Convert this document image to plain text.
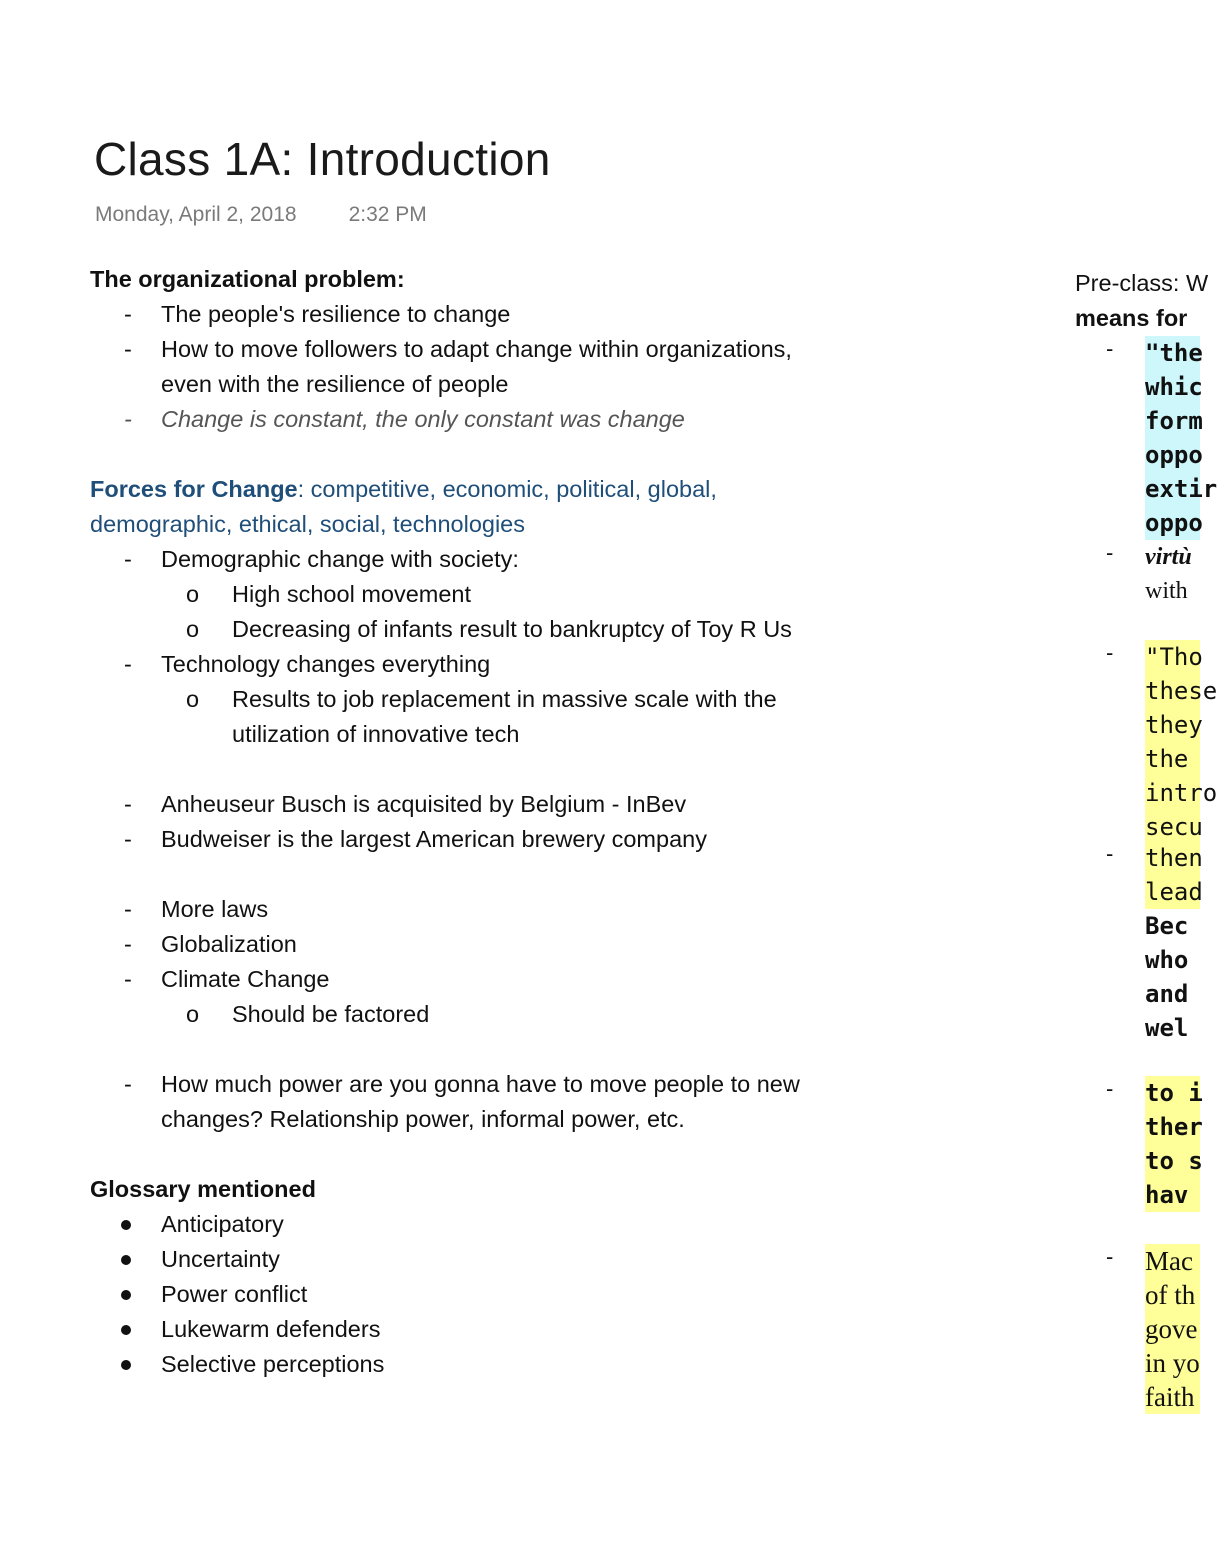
Class 1A: Introduction
Monday, April 2, 2018 2:32 PM
The organizational problem:
- The people's resilience to change
- How to move followers to adapt change within organizations,
even with the resilience of people
- Change is constant, the only constant was change
Forces for Change: competitive, economic, political, global,
demographic, ethical, social, technologies
- Demographic change with society:
o High school movement
o Decreasing of infants result to bankruptcy of Toy R Us
- Technology changes everything
o Results to job replacement in massive scale with the
utilization of innovative tech
- Anheuseur Busch is acquisited by Belgium - InBev
- Budweiser is the largest American brewery company
- More laws
- Globalization
- Climate Change
o Should be factored
- How much power are you gonna have to move people to new
changes? Relationship power, informal power, etc.
Glossary mentioned
Anticipatory
Uncertainty
Power conflict
Lukewarm defenders
Selective perceptions
Pre-class: W
means for
- "the
whic
form
oppo
extir
oppo
- virtù
with
- "Tho
these
they
the
intro
secu
- then
lead
Bec
who
and
wel
- to i
ther
to s
hav
- Mac
of th
gove
in yo
faith
